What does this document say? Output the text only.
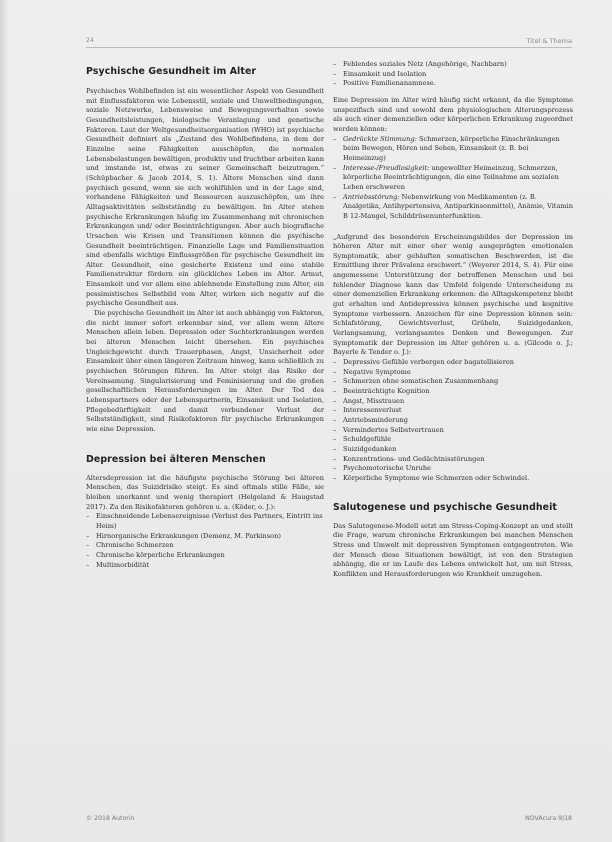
24	Titel & Thema
Psychische Gesundheit im Alter

Psychisches Wohlbefinden ist ein wesentlicher Aspekt von Gesundheit mit Einflussfaktoren wie Lebensstil, soziale und Umweltbedingungen, soziale Netzwerke, Lebensweise und Bewegungsverhalten sowie Gesundheitsleistungen, biologische Veranlagung und genetische Faktoren. Laut der Weltgesundheitsorganisation (WHO) ist psychische Gesundheit definiert als „Zustand des Wohlbefindens, in dem der Einzelne seine Fähigkeiten ausschöpfen, die normalen Lebensbelastungen bewältigen, produktiv und fruchtbar arbeiten kann und imstande ist, etwas zu seiner Gemeinschaft beizutragen.“ (Schüpbacher & Jacob 2014, S. 1). Ältere Menschen sind dann psychisch gesund, wenn sie sich wohlfühlen und in der Lage sind, vorhandene Fähigkeiten und Ressourcen auszuschöpfen, um ihre Alltagsaktivitäten selbstständig zu bewältigen. Im Alter stehen psychische Erkrankungen häufig im Zusammenhang mit chronischen Erkrankungen und/ oder Beeinträchtigungen. Aber auch biografische Ursachen wie Krisen und Transitionen können die psychische Gesundheit beeinträchtigen. Finanzielle Lage und Familiensituation sind ebenfalls wichtige Einflussgrößen für psychische Gesundheit im Alter. Gesundheit, eine gesicherte Existenz und eine stabile Familienstruktur fördern ein glückliches Leben im Alter. Armut, Einsamkeit und vor allem eine ablehnende Einstellung zum Alter, ein pessimistisches Selbstbild vom Alter, wirken sich negativ auf die psychische Gesundheit aus.

Die psychische Gesundheit im Alter ist auch abhängig von Faktoren, die nicht immer sofort erkennbar sind, vor allem wenn ältere Menschen allein leben. Depression oder Suchterkrankungen werden bei älteren Menschen leicht übersehen. Ein psychisches Ungleichgewicht durch Trauerphasen, Angst, Unsicherheit oder Einsamkeit über einen längeren Zeitraum hinweg, kann schließlich zu psychischen Störungen führen. Im Alter steigt das Risiko der Vereinsamung. Singularisierung und Feminisierung und die großen gesellschaftlichen Herausforderungen im Alter. Der Tod des Lebenspartners oder der Lebenspartnerin, Einsamkeit und Isolation, Pflegebedürftigkeit und damit verbundener Verlust der Selbstständigkeit, sind Risikofaktoren für psychische Erkrankungen wie eine Depression.

Depression bei älteren Menschen

Altersdepression ist die häufigste psychische Störung bei älteren Menschen, das Suizidrisiko steigt. Es sind oftmals stille Fälle, sie bleiben unerkannt und wenig therapiert (Helgeland & Haugstad 2017). Zu den Risikofaktoren gehören u. a. (Köder, o. J.):

– Einschneidende Lebensereignisse (Verlust des Partners, Eintritt ins Heim)
– Hirnorganische Erkrankungen (Demenz, M. Parkinson)
– Chronische Schmerzen
– Chronische körperliche Erkrankungen
– Multimorbidität
– Fehlendes soziales Netz (Angehörige, Nachbarn)
– Einsamkeit und Isolation
– Positive Familienanamnese.

Eine Depression im Alter wird häufig nicht erkannt, da die Symptome unspezifisch sind und sowohl dem physiologischen Alterungsprozess als auch einer demenziellen oder körperlichen Erkrankung zugeordnet werden können:

– Gedrückte Stimmung: Schmerzen, körperliche Einschränkungen beim Bewegen, Hören und Sehen, Einsamkeit (z. B. bei Heimeinzug)
– Interesse-/Freudlosigkeit: ungewollter Heimeinzug, Schmerzen, körperliche Beeinträchtigungen, die eine Teilnahme am sozialen Leben erschweren
– Antriebsstörung: Nebenwirkung von Medikamenten (z. B. Analgetika, Antihypertensiva, Antiparkinsonmittel), Anämie, Vitamin B 12-Mangel, Schilddrüsenunterfunktion.

„Aufgrund des besonderen Erscheinungsbildes der Depression im höheren Alter mit einer eher wenig ausgeprägten emotionalen Symptomatik, aber gehäuften somatischen Beschwerden, ist die Ermittlung ihrer Prävalenz erschwert.“ (Weyerer 2014, S. 4). Für eine angemessene Unterstützung der betroffenen Menschen und bei fehlender Diagnose kann das Umfeld folgende Unterscheidung zu einer demenziellen Erkrankung erkennen: die Alltagskompetenz bleibt gut erhalten und Antidepressiva können psychische und kognitive Symptome verbessern. Anzeichen für eine Depression können sein: Schlafstörung, Gewichtsverlust, Grübeln, Suizidgedanken, Verlangsamung, verlangsamtes Denken und Bewegungen. Zur Symptomatik der Depression im Alter gehören u. a. (Gilcode o. J.; Bayerle & Tender o. J.):

– Depressive Gefühle verbergen oder bagatellisieren
– Negative Symptome
– Schmerzen ohne somatischen Zusammenhang
– Beeinträchtigte Kognition
– Angst, Misstrauen
– Interessenverlust
– Antriebsminderung
– Vermindertes Selbstvertrauen
– Schuldgefühle
– Suizidgedanken
– Konzentrations- und Gedächtnisstörungen
– Psychomotorische Unruhe
– Körperliche Symptome wie Schmerzen oder Schwindel.
Salutogenese und psychische Gesundheit

Das Salutogenese-Modell setzt am Stress-Coping-Konzept an und stellt die Frage, warum chronische Erkrankungen bei manchen Menschen Stress und Umwelt mit depressiven Symptomen entgegentreten. Wie der Mensch diese Situationen bewältigt, ist von den Strategien abhängig, die er im Laufe des Lebens entwickelt hat, um mit Stress, Konflikten und Herausforderungen wie Krankheit umzugehen.

© 2018 Autorin	NOVAcura 9|18
